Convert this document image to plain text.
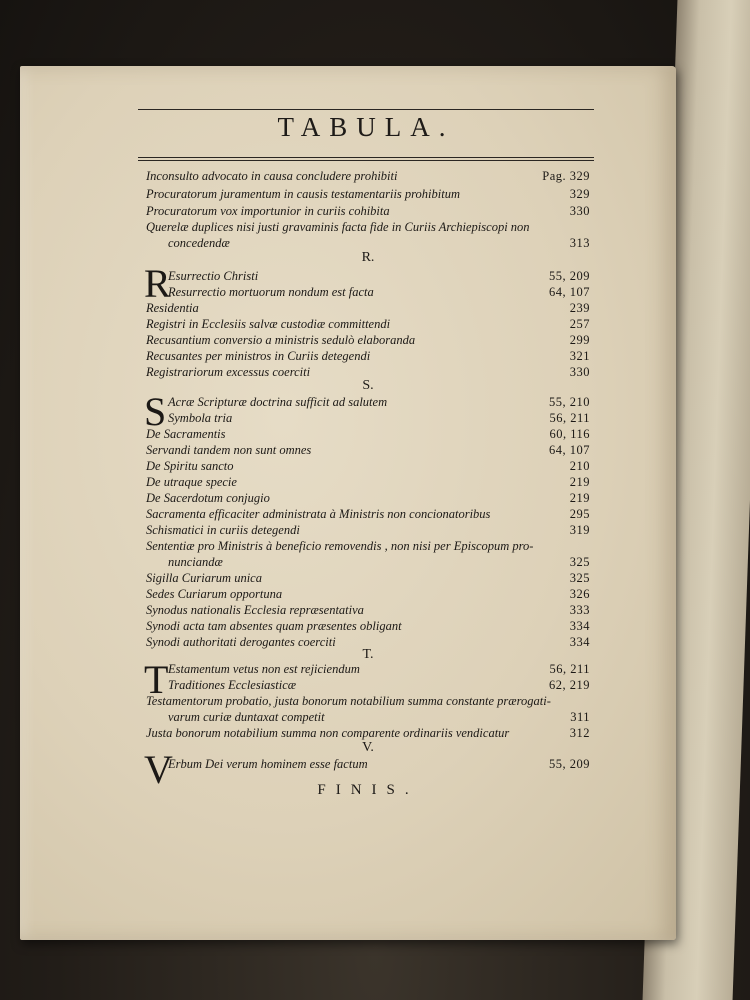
TABULA.
Inconsulto advocato in causa concludere prohibiti	Pag. 329
Procuratorum juramentum in causis testamentariis prohibitum	329
Procuratorum vox importunior in curiis cohibita	330
Querelæ duplices nisi justi gravaminis facta fide in Curiis Archiepiscopi non
concedendæ	313
R.
R
Esurrectio Christi	55, 209
Resurrectio mortuorum nondum est facta	64, 107
Residentia	239
Registri in Ecclesiis salvæ custodiæ committendi	257
Recusantium conversio a ministris sedulò elaboranda	299
Recusantes per ministros in Curiis detegendi	321
Registrariorum excessus coerciti	330
S.
S Acræ Scripturæ doctrina sufficit ad salutem	55, 210
Symbola tria	56, 211
De Sacramentis	60, 116
Servandi tandem non sunt omnes	64, 107
De Spiritu sancto	210
De utraque specie	219
De Sacerdotum conjugio	219
Sacramenta efficaciter administrata à Ministris non concionatoribus	295
Schismatici in curiis detegendi	319
Sententiæ pro Ministris à beneficio removendis , non nisi per Episcopum pro-
nunciandæ	325
Sigilla Curiarum unica	325
Sedes Curiarum opportuna	326
Synodus nationalis Ecclesia repræsentativa	333
Synodi acta tam absentes quam præsentes obligant	334
Synodi authoritati derogantes coerciti	334
T.
T Estamentum vetus non est rejiciendum	56, 211
Traditiones Ecclesiasticæ	62, 219
Testamentorum probatio, justa bonorum notabilium summa constante prærogati-
varum curiæ duntaxat competit	311
Justa bonorum notabilium summa non comparente ordinariis vendicatur	312
V.
V
Erbum Dei verum hominem esse factum	55, 209
FINIS.
